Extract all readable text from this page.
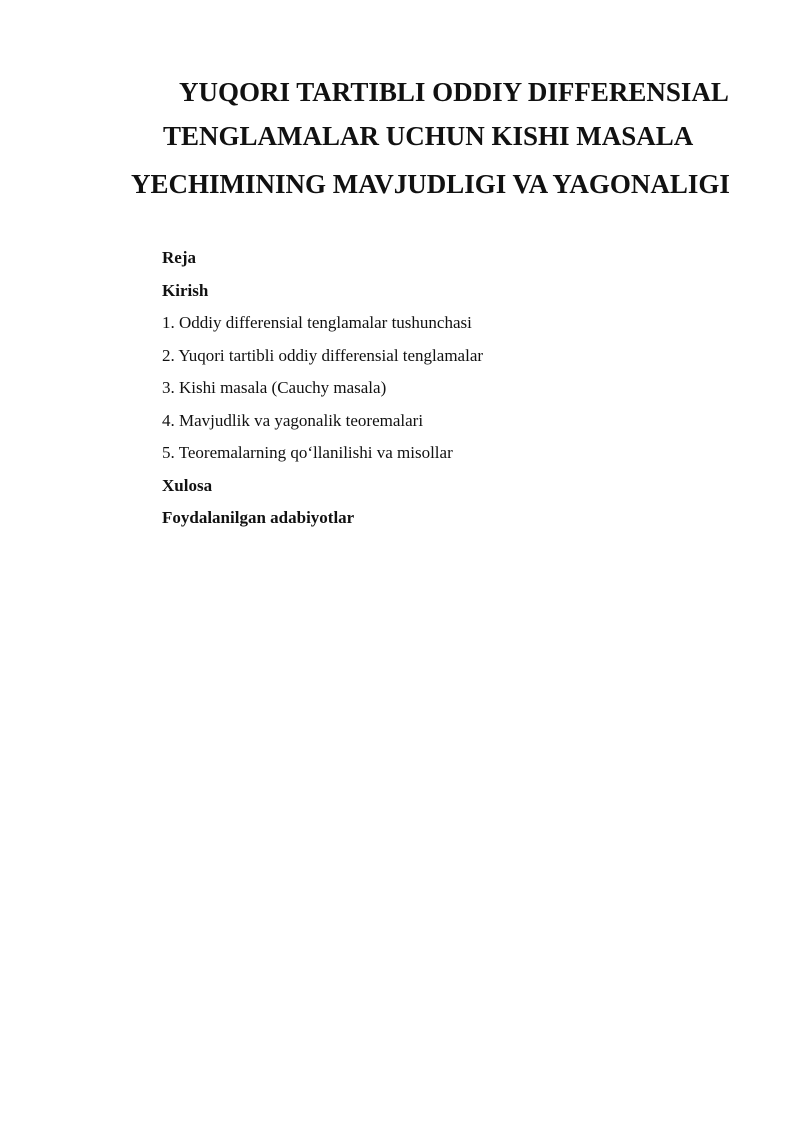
YUQORI TARTIBLI ODDIY DIFFERENSIAL
TENGLAMALAR UCHUN KISHI MASALA
YECHIMINING MAVJUDLIGI VA YAGONALIGI
Reja
Kirish
1. Oddiy differensial tenglamalar tushunchasi
2. Yuqori tartibli oddiy differensial tenglamalar
3. Kishi masala (Cauchy masala)
4. Mavjudlik va yagonalik teoremalari
5. Teoremalarning qo‘llanilishi va misollar
Xulosa
Foydalanilgan adabiyotlar
